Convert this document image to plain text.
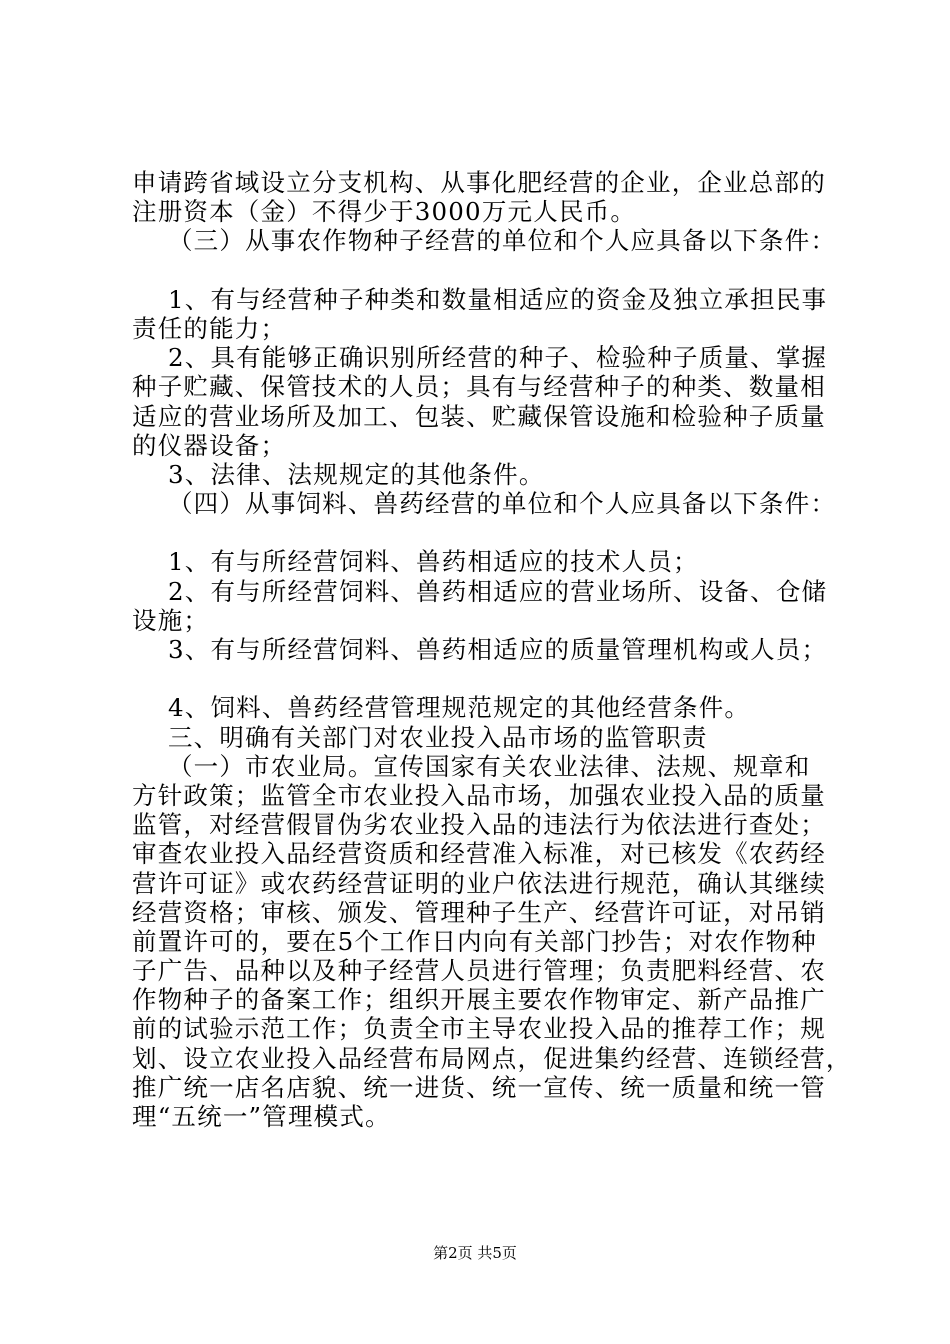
申请跨省域设立分支机构、从事化肥经营的企业，企业总部的
注册资本（金）不得少于3000万元人民币。
（三）从事农作物种子经营的单位和个人应具备以下条件：
1、有与经营种子种类和数量相适应的资金及独立承担民事
责任的能力；
2、具有能够正确识别所经营的种子、检验种子质量、掌握
种子贮藏、保管技术的人员；具有与经营种子的种类、数量相
适应的营业场所及加工、包装、贮藏保管设施和检验种子质量
的仪器设备；
3、法律、法规规定的其他条件。
（四）从事饲料、兽药经营的单位和个人应具备以下条件：
1、有与所经营饲料、兽药相适应的技术人员；
2、有与所经营饲料、兽药相适应的营业场所、设备、仓储
设施；
3、有与所经营饲料、兽药相适应的质量管理机构或人员；
4、饲料、兽药经营管理规范规定的其他经营条件。
三、明确有关部门对农业投入品市场的监管职责
（一）市农业局。宣传国家有关农业法律、法规、规章和
方针政策；监管全市农业投入品市场，加强农业投入品的质量
监管，对经营假冒伪劣农业投入品的违法行为依法进行查处；
审查农业投入品经营资质和经营准入标准，对已核发《农药经
营许可证》或农药经营证明的业户依法进行规范，确认其继续
经营资格；审核、颁发、管理种子生产、经营许可证，对吊销
前置许可的，要在5个工作日内向有关部门抄告；对农作物种
子广告、品种以及种子经营人员进行管理；负责肥料经营、农
作物种子的备案工作；组织开展主要农作物审定、新产品推广
前的试验示范工作；负责全市主导农业投入品的推荐工作；规
划、设立农业投入品经营布局网点，促进集约经营、连锁经营，
推广统一店名店貌、统一进货、统一宣传、统一质量和统一管
理“五统一”管理模式。
第2页 共5页
